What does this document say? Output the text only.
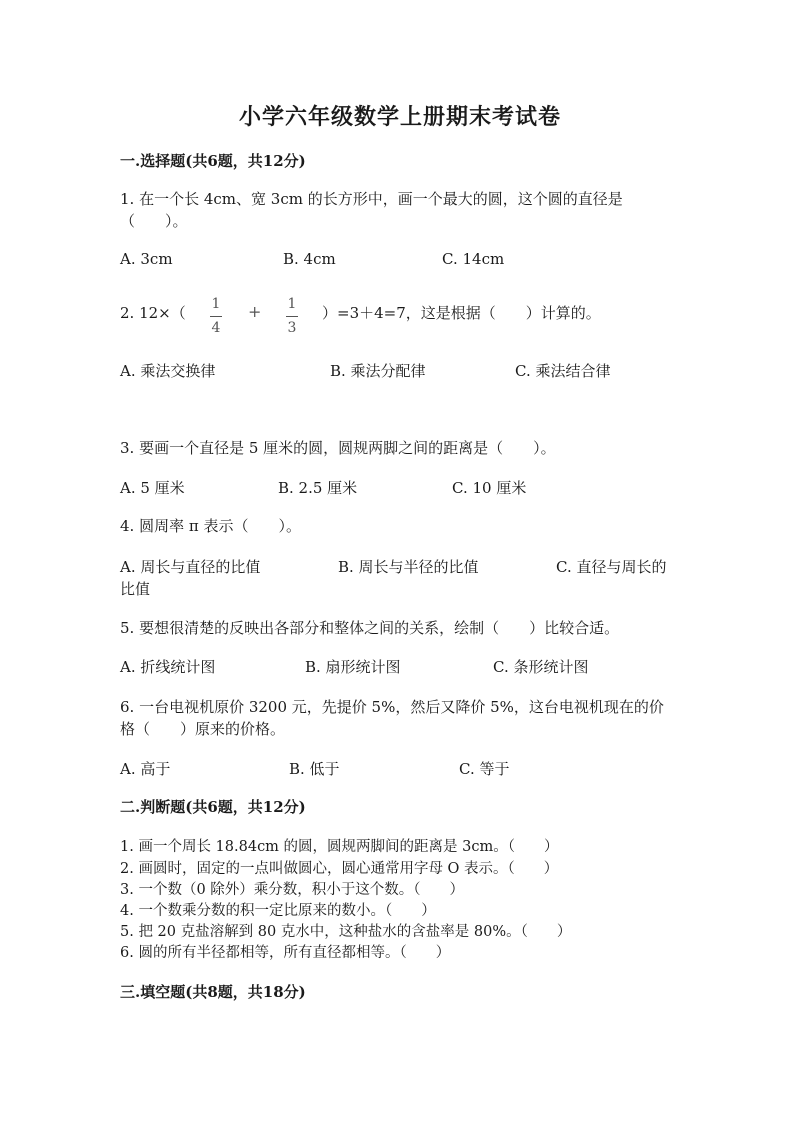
小学六年级数学上册期末考试卷
一.选择题(共6题，共12分)
1. 在一个长 4cm、宽 3cm 的长方形中，画一个最大的圆，这个圆的直径是
（　　）。
A. 3cm	B. 4cm	C. 14cm
2. 12×（ 1
4
+ 1
3
）=3＋4=7，这是根据（　　）计算的。
A. 乘法交换律	B. 乘法分配律	C. 乘法结合律
3. 要画一个直径是 5 厘米的圆，圆规两脚之间的距离是（　　）。
A. 5 厘米	B. 2.5 厘米	C. 10 厘米
4. 圆周率 π 表示（　　）。
A. 周长与直径的比值	B. 周长与半径的比值	C. 直径与周长的
比值
5. 要想很清楚的反映出各部分和整体之间的关系，绘制（　　）比较合适。
A. 折线统计图	B. 扇形统计图	C. 条形统计图
6. 一台电视机原价 3200 元，先提价 5%，然后又降价 5%，这台电视机现在的价
格（　　）原来的价格。
A. 高于	B. 低于	C. 等于
二.判断题(共6题，共12分)
1. 画一个周长 18.84cm 的圆，圆规两脚间的距离是 3cm。（　　）
2. 画圆时，固定的一点叫做圆心，圆心通常用字母 O 表示。（　　）
3. 一个数（0 除外）乘分数，积小于这个数。（　　）
4. 一个数乘分数的积一定比原来的数小。（　　）
5. 把 20 克盐溶解到 80 克水中，这种盐水的含盐率是 80%。（　　）
6. 圆的所有半径都相等，所有直径都相等。（　　）
三.填空题(共8题，共18分)
